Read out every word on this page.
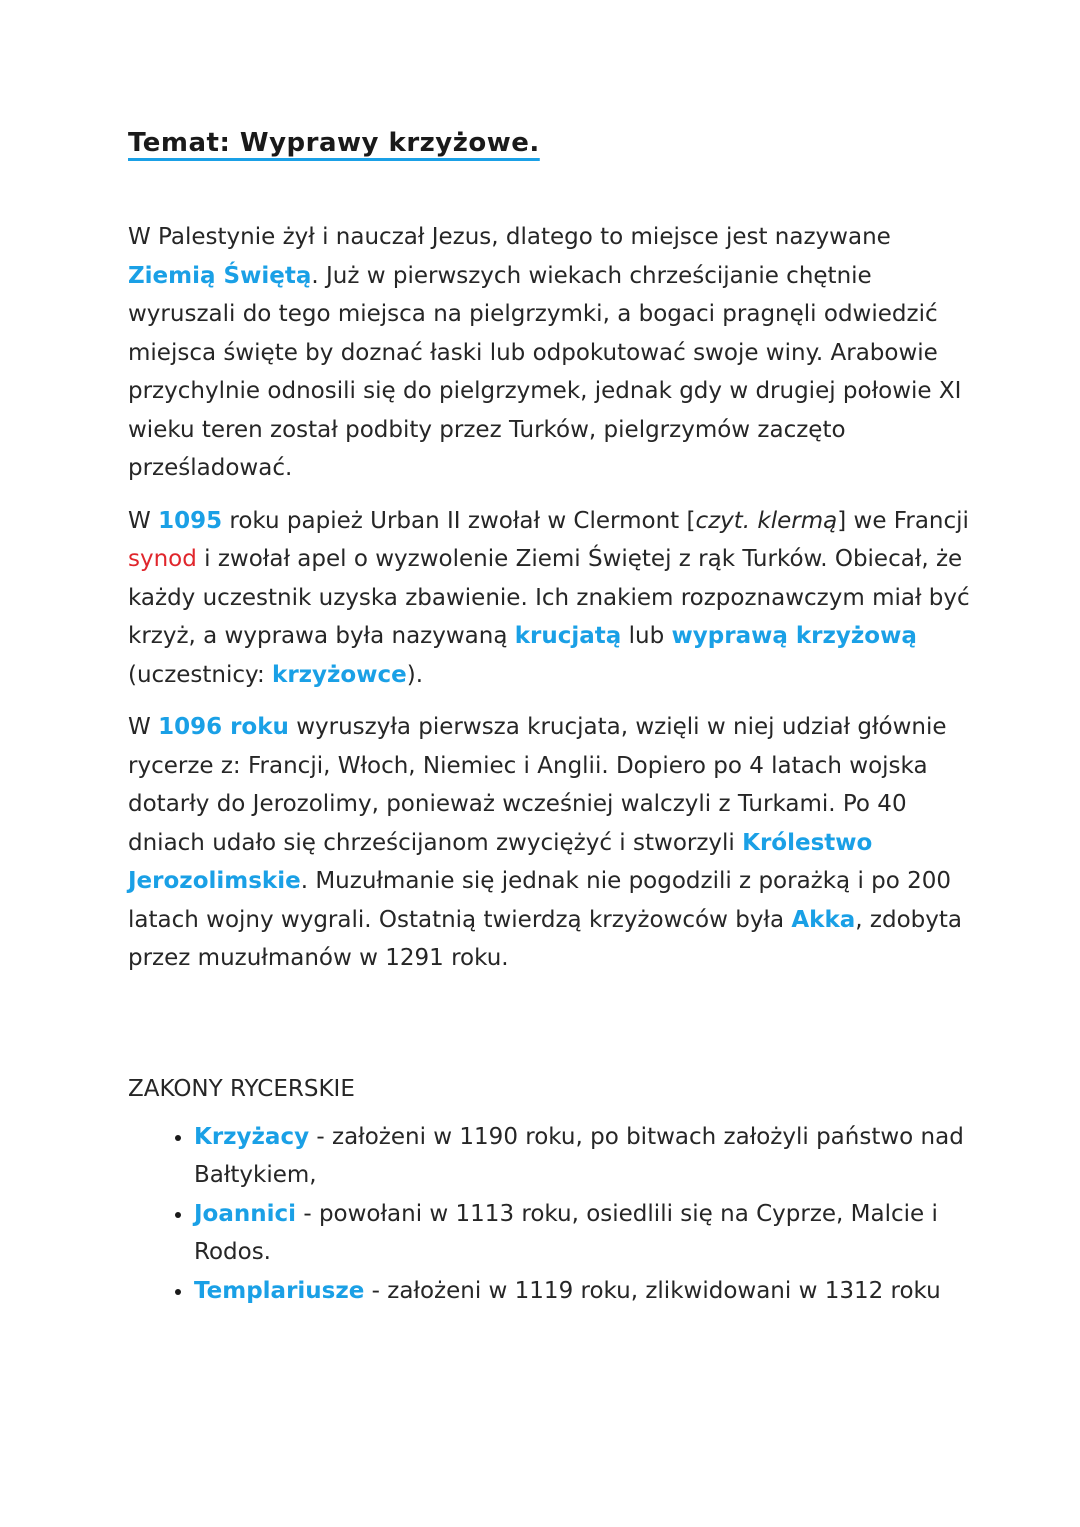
Temat: Wyprawy krzyżowe.

W Palestynie żył i nauczał Jezus, dlatego to miejsce jest nazywane Ziemią Świętą. Już w pierwszych wiekach chrześcijanie chętnie wyruszali do tego miejsca na pielgrzymki, a bogaci pragnęli odwiedzić miejsca święte by doznać łaski lub odpokutować swoje winy. Arabowie przychylnie odnosili się do pielgrzymek, jednak gdy w drugiej połowie XI wieku teren został podbity przez Turków, pielgrzymów zaczęto prześladować.

W 1095 roku papież Urban II zwołał w Clermont [czyt. klermą] we Francji synod i zwołał apel o wyzwolenie Ziemi Świętej z rąk Turków. Obiecał, że każdy uczestnik uzyska zbawienie. Ich znakiem rozpoznawczym miał być krzyż, a wyprawa była nazywaną krucjatą lub wyprawą krzyżową (uczestnicy: krzyżowce).

W 1096 roku wyruszyła pierwsza krucjata, wzięli w niej udział głównie rycerze z: Francji, Włoch, Niemiec i Anglii. Dopiero po 4 latach wojska dotarły do Jerozolimy, ponieważ wcześniej walczyli z Turkami. Po 40 dniach udało się chrześcijanom zwyciężyć i stworzyli Królestwo Jerozolimskie. Muzułmanie się jednak nie pogodzili z porażką i po 200 latach wojny wygrali. Ostatnią twierdzą krzyżowców była Akka, zdobyta przez muzułmanów w 1291 roku.

ZAKONY RYCERSKIE
• Krzyżacy - założeni w 1190 roku, po bitwach założyli państwo nad Bałtykiem,
• Joannici - powołani w 1113 roku, osiedlili się na Cyprze, Malcie i Rodos.
• Templariusze - założeni w 1119 roku, zlikwidowani w 1312 roku
